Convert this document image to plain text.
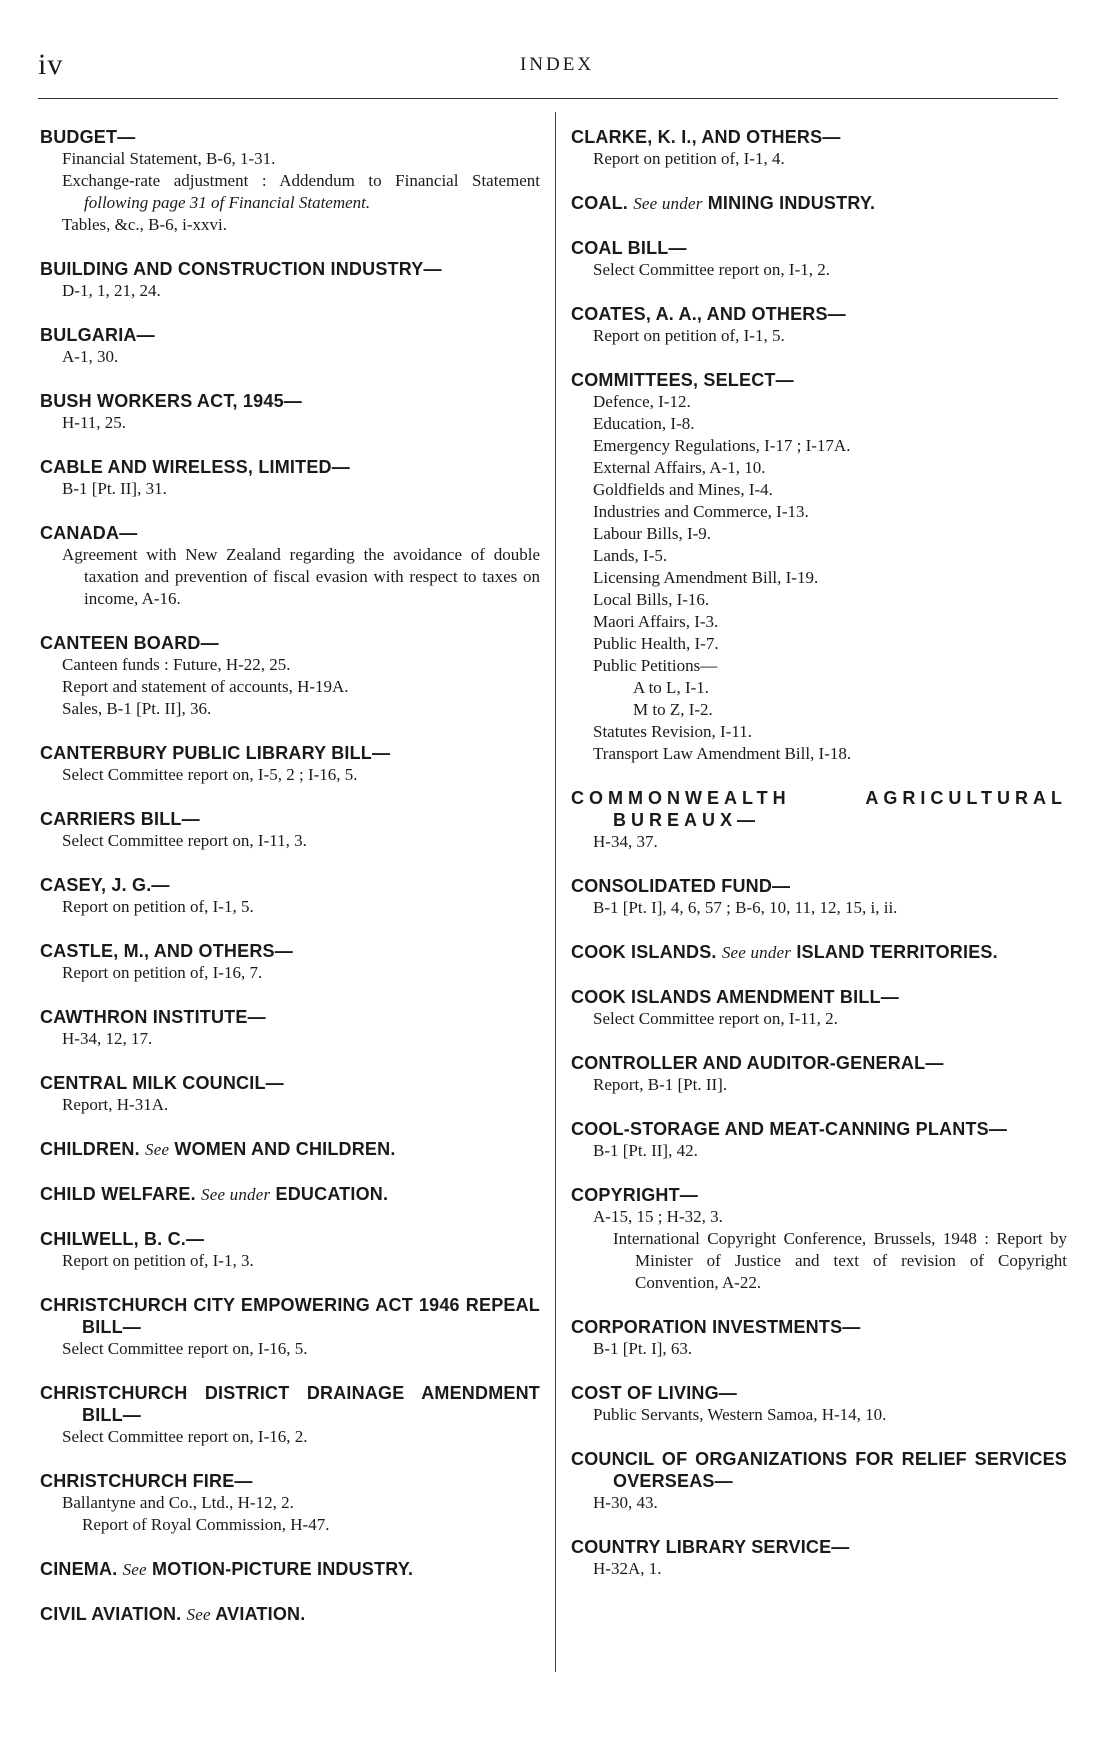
iv	INDEX
BUDGET—
Financial Statement, B-6, 1-31.
Exchange-rate adjustment : Addendum to Financial Statement following page 31 of Financial Statement.
Tables, &c., B-6, i-xxvi.
BUILDING AND CONSTRUCTION INDUSTRY—
D-1, 1, 21, 24.
BULGARIA—
A-1, 30.
BUSH WORKERS ACT, 1945—
H-11, 25.
CABLE AND WIRELESS, LIMITED—
B-1 [Pt. II], 31.
CANADA—
Agreement with New Zealand regarding the avoidance of double taxation and prevention of fiscal evasion with respect to taxes on income, A-16.
CANTEEN BOARD—
Canteen funds : Future, H-22, 25.
Report and statement of accounts, H-19A.
Sales, B-1 [Pt. II], 36.
CANTERBURY PUBLIC LIBRARY BILL—
Select Committee report on, I-5, 2 ; I-16, 5.
CARRIERS BILL—
Select Committee report on, I-11, 3.
CASEY, J. G.—
Report on petition of, I-1, 5.
CASTLE, M., AND OTHERS—
Report on petition of, I-16, 7.
CAWTHRON INSTITUTE—
H-34, 12, 17.
CENTRAL MILK COUNCIL—
Report, H-31A.
CHILDREN. See WOMEN AND CHILDREN.
CHILD WELFARE. See under EDUCATION.
CHILWELL, B. C.—
Report on petition of, I-1, 3.
CHRISTCHURCH CITY EMPOWERING ACT 1946 REPEAL BILL—
Select Committee report on, I-16, 5.
CHRISTCHURCH DISTRICT DRAINAGE AMENDMENT BILL—
Select Committee report on, I-16, 2.
CHRISTCHURCH FIRE—
Ballantyne and Co., Ltd., H-12, 2.
Report of Royal Commission, H-47.
CINEMA. See MOTION-PICTURE INDUSTRY.
CIVIL AVIATION. See AVIATION.
CLARKE, K. I., AND OTHERS—
Report on petition of, I-1, 4.
COAL. See under MINING INDUSTRY.
COAL BILL—
Select Committee report on, I-1, 2.
COATES, A. A., AND OTHERS—
Report on petition of, I-1, 5.
COMMITTEES, SELECT—
Defence, I-12.
Education, I-8.
Emergency Regulations, I-17 ; I-17A.
External Affairs, A-1, 10.
Goldfields and Mines, I-4.
Industries and Commerce, I-13.
Labour Bills, I-9.
Lands, I-5.
Licensing Amendment Bill, I-19.
Local Bills, I-16.
Maori Affairs, I-3.
Public Health, I-7.
Public Petitions—
A to L, I-1.
M to Z, I-2.
Statutes Revision, I-11.
Transport Law Amendment Bill, I-18.
COMMONWEALTH AGRICULTURAL BUREAUX—
H-34, 37.
CONSOLIDATED FUND—
B-1 [Pt. I], 4, 6, 57 ; B-6, 10, 11, 12, 15, i, ii.
COOK ISLANDS. See under ISLAND TERRITORIES.
COOK ISLANDS AMENDMENT BILL—
Select Committee report on, I-11, 2.
CONTROLLER AND AUDITOR-GENERAL—
Report, B-1 [Pt. II].
COOL-STORAGE AND MEAT-CANNING PLANTS—
B-1 [Pt. II], 42.
COPYRIGHT—
A-15, 15 ; H-32, 3.
International Copyright Conference, Brussels, 1948 : Report by Minister of Justice and text of revision of Copyright Convention, A-22.
CORPORATION INVESTMENTS—
B-1 [Pt. I], 63.
COST OF LIVING—
Public Servants, Western Samoa, H-14, 10.
COUNCIL OF ORGANIZATIONS FOR RELIEF SERVICES OVERSEAS—
H-30, 43.
COUNTRY LIBRARY SERVICE—
H-32A, 1.
